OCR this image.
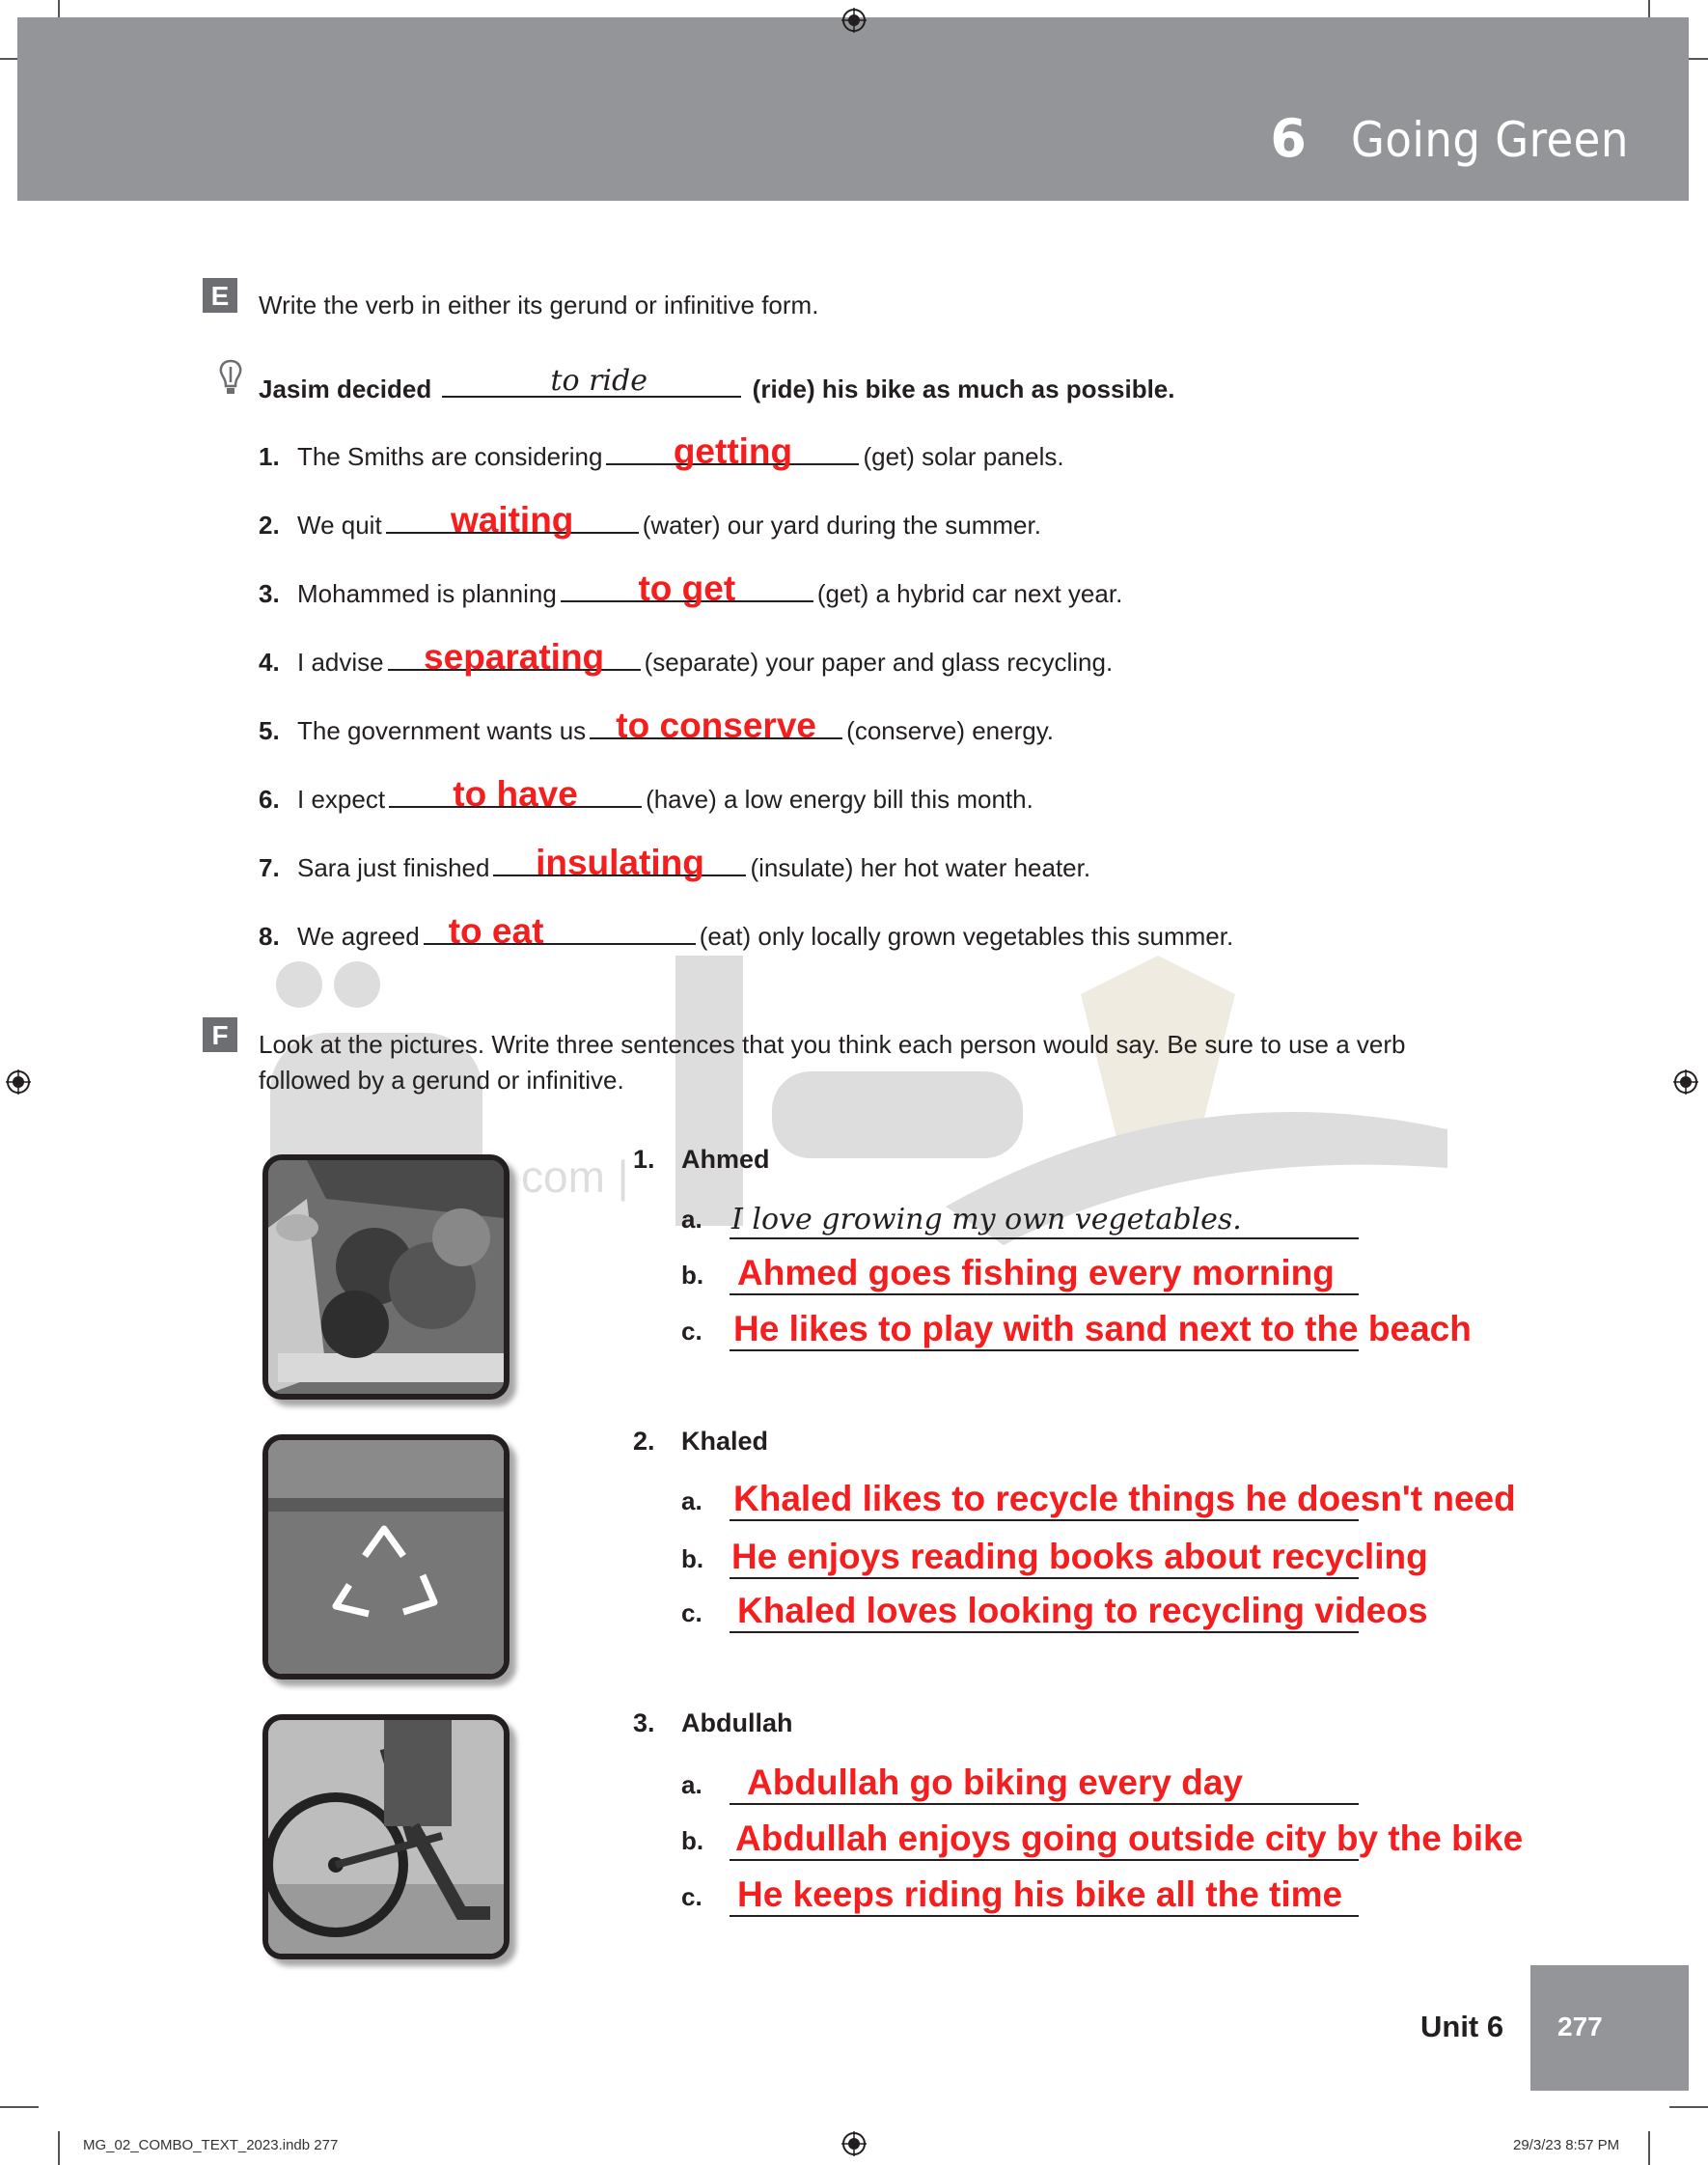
6 Going Green
com |
E	Write the verb in either its gerund or infinitive form.
Jasim decided	to ride	(ride) his bike as much as possible.
1. The Smiths are considering	getting	(get) solar panels.
2. We quit	waiting	(water) our yard during the summer.
3. Mohammed is planning	to get	(get) a hybrid car next year.
4. I advise	separating	(separate) your paper and glass recycling.
5. The government wants us to conserve	(conserve) energy.
6. I expect	to have	(have) a low energy bill this month.
7. Sara just finished	insulating	(insulate) her hot water heater.
8. We agreed to eat	(eat) only locally grown vegetables this summer.
F	Look at the pictures. Write three sentences that you think each person would say. Be sure to use a verb
followed by a gerund or infinitive.
1. Ahmed
a. I love growing my own vegetables.
b. Ahmed goes fishing every morning
c. He likes to play with sand next to the beach
2. Khaled
a. Khaled likes to recycle things he doesn't need
b. He enjoys reading books about recycling
c. Khaled loves looking to recycling videos
3. Abdullah
a. Abdullah go biking every day
b. Abdullah enjoys going outside city by the bike
c. He keeps riding his bike all the time
Unit 6 277
MG_02_COMBO_TEXT_2023.indb 277	29/3/23 8:57 PM
